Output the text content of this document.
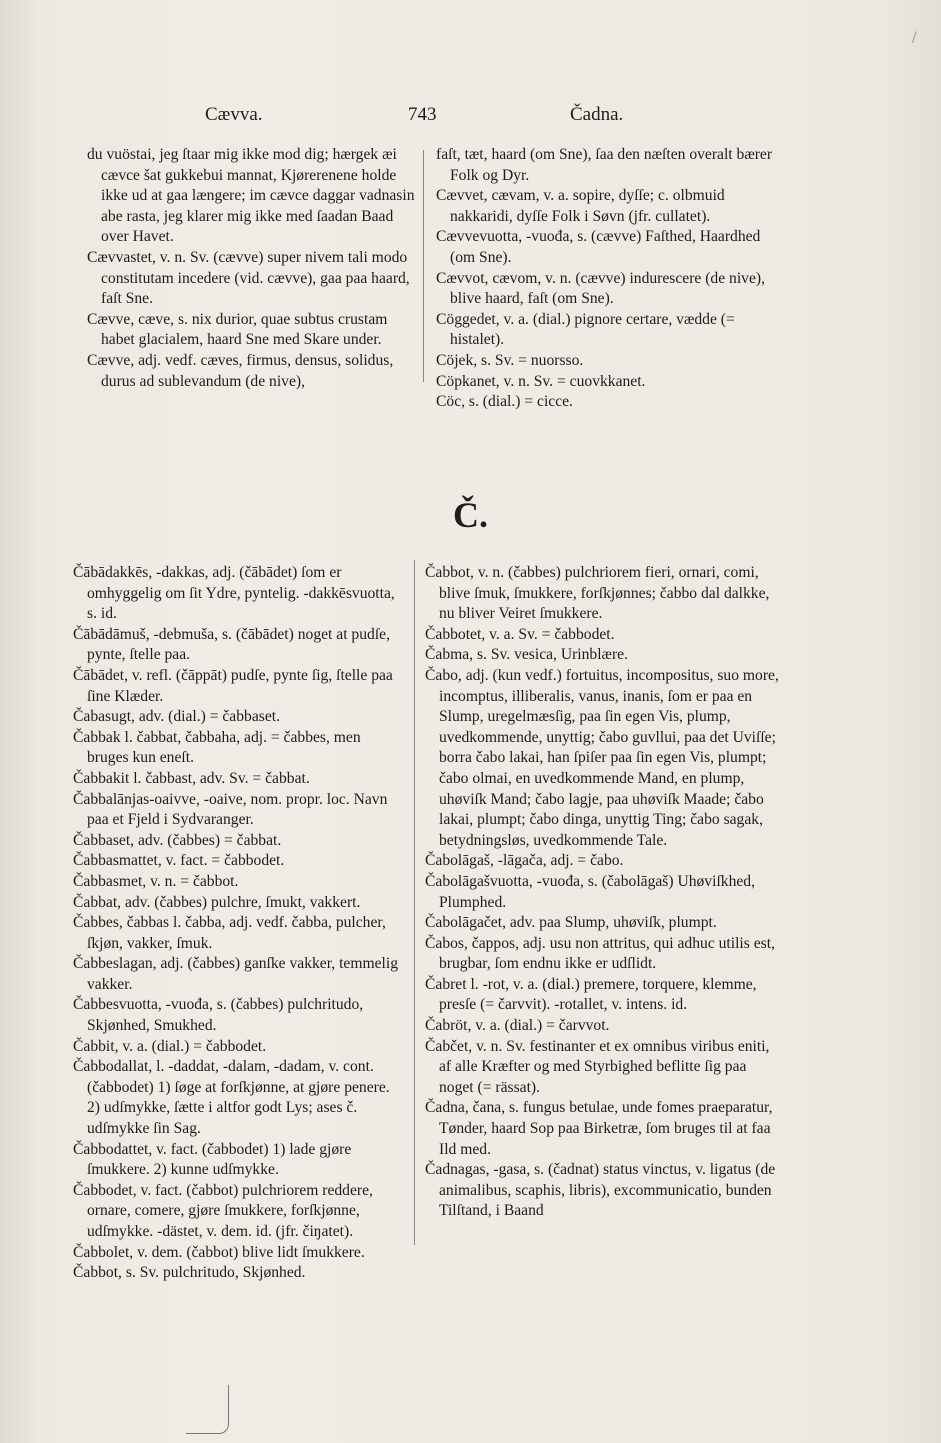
/
Cævva.	743	Čadna.

du vuöstai, jeg ſtaar mig ikke mod dig; hærgek æi cævce šat gukkebui mannat, Kjørerenene holde ikke ud at gaa længere; im cævce daggar vadnasin abe rasta, jeg klarer mig ikke med ſaadan Baad over Havet.

Cævvastet, v. n. Sv. (cævve) super nivem tali modo constitutam incedere (vid. cævve), gaa paa haard, faſt Sne.

Cævve, cæve, s. nix durior, quae subtus crustam habet glacialem, haard Sne med Skare under.

Cævve, adj. vedf. cæves, firmus, densus, solidus, durus ad sublevandum (de nive),

faſt, tæt, haard (om Sne), ſaa den næſten overalt bærer Folk og Dyr.

Cævvet, cævam, v. a. sopire, dyſſe; c. olbmuid nakkaridi, dyſſe Folk i Søvn (jfr. cullatet).

Cævvevuotta, -vuođa, s. (cævve) Faſthed, Haardhed (om Sne).

Cævvot, cævom, v. n. (cævve) indurescere (de nive), blive haard, faſt (om Sne).

Cöggedet, v. a. (dial.) pignore certare, vædde (= histalet).

Cöjek, s. Sv. = nuorsso.

Cöpkanet, v. n. Sv. = cuovkkanet.

Cöc, s. (dial.) = cicce.

Č.

Čābādakkēs, -dakkas, adj. (čābādet) ſom er omhyggelig om ſit Ydre, pyntelig. -dakkēsvuotta, s. id.

Čābādāmuš, -debmuša, s. (čābādet) noget at pudſe, pynte, ſtelle paa.

Čābādet, v. refl. (čāppāt) pudſe, pynte ſig, ſtelle paa ſine Klæder.

Čabasugt, adv. (dial.) = čabbaset.

Čabbak l. čabbat, čabbaha, adj. = čabbes, men bruges kun eneſt.

Čabbakit l. čabbast, adv. Sv. = čabbat.

Čabbalānjas-oaivve, -oaive, nom. propr. loc. Navn paa et Fjeld i Sydvaranger.

Čabbaset, adv. (čabbes) = čabbat.

Čabbasmattet, v. fact. = čabbodet.

Čabbasmet, v. n. = čabbot.

Čabbat, adv. (čabbes) pulchre, ſmukt, vakkert.

Čabbes, čabbas l. čabba, adj. vedf. čabba, pulcher, ſkjøn, vakker, ſmuk.

Čabbeslagan, adj. (čabbes) ganſke vakker, temmelig vakker.

Čabbesvuotta, -vuođa, s. (čabbes) pulchritudo, Skjønhed, Smukhed.

Čabbit, v. a. (dial.) = čabbodet.

Čabbodallat, l. -daddat, -dalam, -dadam, v. cont. (čabbodet) 1) ſøge at forſkjønne, at gjøre penere. 2) udſmykke, ſætte i altfor godt Lys; ases č. udſmykke ſin Sag.

Čabbodattet, v. fact. (čabbodet) 1) lade gjøre ſmukkere. 2) kunne udſmykke.

Čabbodet, v. fact. (čabbot) pulchriorem reddere, ornare, comere, gjøre ſmukkere, forſkjønne, udſmykke. -dästet, v. dem. id. (jfr. čiŋatet).

Čabbolet, v. dem. (čabbot) blive lidt ſmukkere.

Čabbot, s. Sv. pulchritudo, Skjønhed.

Čabbot, v. n. (čabbes) pulchriorem fieri, ornari, comi, blive ſmuk, ſmukkere, forſkjønnes; čabbo dal dalkke, nu bliver Veiret ſmukkere.

Čabbotet, v. a. Sv. = čabbodet.

Čabma, s. Sv. vesica, Urinblære.

Čabo, adj. (kun vedf.) fortuitus, incompositus, suo more, incomptus, illiberalis, vanus, inanis, ſom er paa en Slump, uregelmæsſig, paa ſin egen Vis, plump, uvedkommende, unyttig; čabo guvllui, paa det Uviſſe; borra čabo lakai, han ſpiſer paa ſin egen Vis, plumpt; čabo olmai, en uvedkommende Mand, en plump, uhøviſk Mand; čabo lagje, paa uhøviſk Maade; čabo lakai, plumpt; čabo dinga, unyttig Ting; čabo sagak, betydningsløs, uvedkommende Tale.

Čabolāgaš, -lāgača, adj. = čabo.

Čabolāgašvuotta, -vuođa, s. (čabolāgaš) Uhøviſkhed, Plumphed.

Čabolāgačet, adv. paa Slump, uhøviſk, plumpt.

Čabos, čappos, adj. usu non attritus, qui adhuc utilis est, brugbar, ſom endnu ikke er udſlidt.

Čabret l. -rot, v. a. (dial.) premere, torquere, klemme, presſe (= čarvvit). -rotallet, v. intens. id.

Čabröt, v. a. (dial.) = čarvvot.

Čabčet, v. n. Sv. festinanter et ex omnibus viribus eniti, af alle Kræfter og med Styrbighed beflitte ſig paa noget (= rässat).

Čadna, čana, s. fungus betulae, unde fomes praeparatur, Tønder, haard Sop paa Birketræ, ſom bruges til at faa Ild med.

Čadnagas, -gasa, s. (čadnat) status vinctus, v. ligatus (de animalibus, scaphis, libris), excommunicatio, bunden Tilſtand, i Baand
